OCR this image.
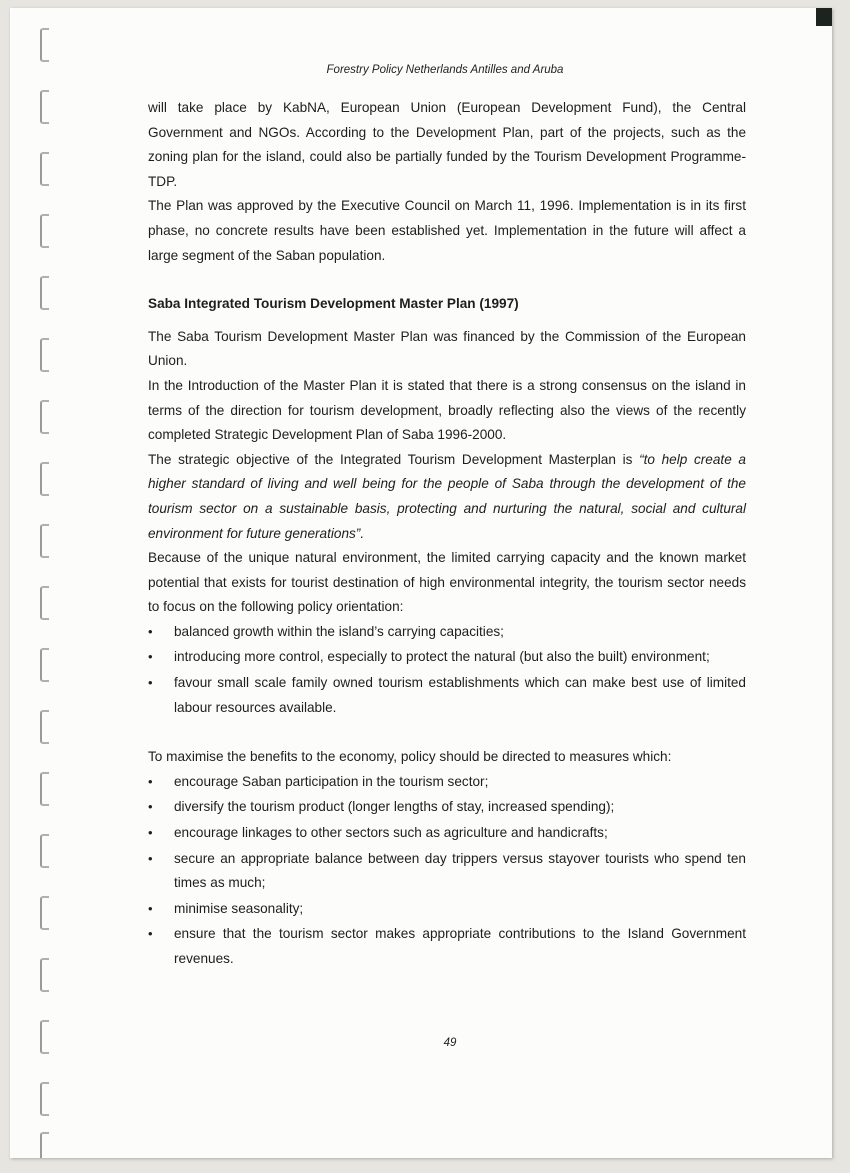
Forestry Policy Netherlands Antilles and Aruba

will take place by KabNA, European Union (European Development Fund), the Central Government and NGOs. According to the Development Plan, part of the projects, such as the zoning plan for the island, could also be partially funded by the Tourism Development Programme-TDP.

The Plan was approved by the Executive Council on March 11, 1996. Implementation is in its first phase, no concrete results have been established yet. Implementation in the future will affect a large segment of the Saban population.

Saba Integrated Tourism Development Master Plan (1997)

The Saba Tourism Development Master Plan was financed by the Commission of the European Union.

In the Introduction of the Master Plan it is stated that there is a strong consensus on the island in terms of the direction for tourism development, broadly reflecting also the views of the recently completed Strategic Development Plan of Saba 1996-2000.

The strategic objective of the Integrated Tourism Development Masterplan is “to help create a higher standard of living and well being for the people of Saba through the development of the tourism sector on a sustainable basis, protecting and nurturing the natural, social and cultural environment for future generations”.

Because of the unique natural environment, the limited carrying capacity and the known market potential that exists for tourist destination of high environmental integrity, the tourism sector needs to focus on the following policy orientation:

• balanced growth within the island’s carrying capacities;
• introducing more control, especially to protect the natural (but also the built) environment;
• favour small scale family owned tourism establishments which can make best use of limited labour resources available.

To maximise the benefits to the economy, policy should be directed to measures which:

• encourage Saban participation in the tourism sector;
• diversify the tourism product (longer lengths of stay, increased spending);
• encourage linkages to other sectors such as agriculture and handicrafts;
• secure an appropriate balance between day trippers versus stayover tourists who spend ten times as much;
• minimise seasonality;
• ensure that the tourism sector makes appropriate contributions to the Island Government revenues.
49
